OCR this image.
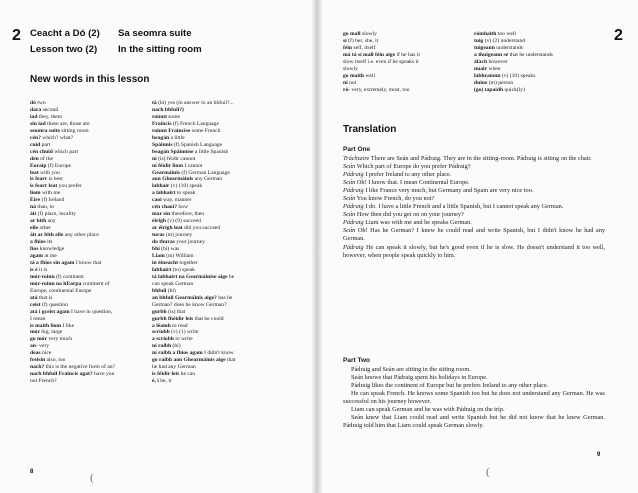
2 Ceacht a Dó (2) Sa seomra suite
Lesson two (2) In the sitting room
New words in this lesson
dó two
dara second
iad they, them
sin iad these are, those are
seomra suite sitting room
cén? which? what?
cuid part
cén chuid which part
den of the
Eoraip (f) Europe
leat with you
is fearr is best
is fearr leat you prefer
liom with me
Éire (f) Ireland
ná than, to
áit (f) place, locality
ar bith any
eile other
áit ar bith eile any other place
a fhios its
fios knowledge
agam at me
tá a fhios sin agam I know that
is é it is
mór-roinn (f) continent
mór-roinn na hEorpa continent of
Europe, continental Europe
atá that is
ceist (f) question
atá i gceist agam I have in question,
I mean
is maith liom I like
mór big, large
go mór very much
an- very
deas nice
freisin also, too
nach? this is the negative form of an?
nach bhfuil Fraincis agat? have you
not French?
tá (bí) yes (in answer to an bhfuil?...
nach bhfuil?)
roinnt some
Fraincis (f) French Language
roinnt Fraincise some French
beagán a little
Spáinnis (f) Spanish Language
beagán Spáinnise a little Spanish
ní (is) féidir cannot
ní féidir liom I cannot
Gearmáinis (f) German Language
aon Ghearmáinis any German
labhair (v) (10) speak
a labhairt to speak
caoi way, manner
cén chaoi? how
mar sin therefore, then
éirigh (v) (9) succeed
ar éirigh leat did you succeed
turas (m) journey
do thuras your journey
bhí (bí) was
Liam (m) William
in éineacht together
labhairt (to) speak
tá labhairt na Gearmáinise aige he
can speak German
bhfuil (bí)
an bhfuil Gearmáinis aige? has he
German? does he know German?
gurbh (is) that
gurbh fhéidir leis that he could
a léamh to read
scríobh (v) (1) write
a scríobh to write
ní raibh (bí)
ní raibh a fhios agam I didn't know
go raibh aon Ghearmáinis aige that
he had any German
is féidir leis he can
é, í he, it
8	(
2
go mall slowly
sí (f) her, she, it
féin self, itself
má tá sí mall féin aige if he has it
slow itself i.e. even if he speaks it
slowly
go maith well
ní not
ró- very, extremely, most, too
rómhaith too well
tuig (v) (2) understand
tuigeann understands
a thuigeann sé that he understands
áfach however
nuair when
labhraíonn (v) (10) speaks
duine (m) person
(go) tapaidh quick(ly)
Translation
Part One

Tráchtaire There are Seán and Pádraig. They are in the sitting-room. Pádraig is sitting on the chair.

Seán Which part of Europe do you prefer Pádraig?

Pádraig I prefer Ireland to any other place.

Seán Oh! I know that. I mean Continental Europe.

Pádraig I like France very much, but Germany and Spain are very nice too.

Seán You know French, do you not?

Pádraig I do. I have a little French and a little Spanish, but I cannot speak any German.

Seán How then did you get on on your journey?

Pádraig Liam was with me and he speaks German.

Seán Oh! Has he German? I knew he could read and write Spanish, but I didn't know he had any German.

Pádraig He can speak it slowly, but he's good even if he is slow. He doesn't understand it too well, however, when people speak quickly to him.

Part Two

Pádraig and Seán are sitting in the sitting room.

Seán knows that Pádraig spent his holidays in Europe.

Pádraig likes the continent of Europe but he prefers Ireland to any other place.

He can speak French. He knows some Spanish too but he does not understand any German. He was successful on his journey however.

Liam can speak German and he was with Pádraig on the trip.

Seán knew that Liam could read and write Spanish but he did not know that he knew German. Pádraig told him that Liam could speak German slowly.

9
(
